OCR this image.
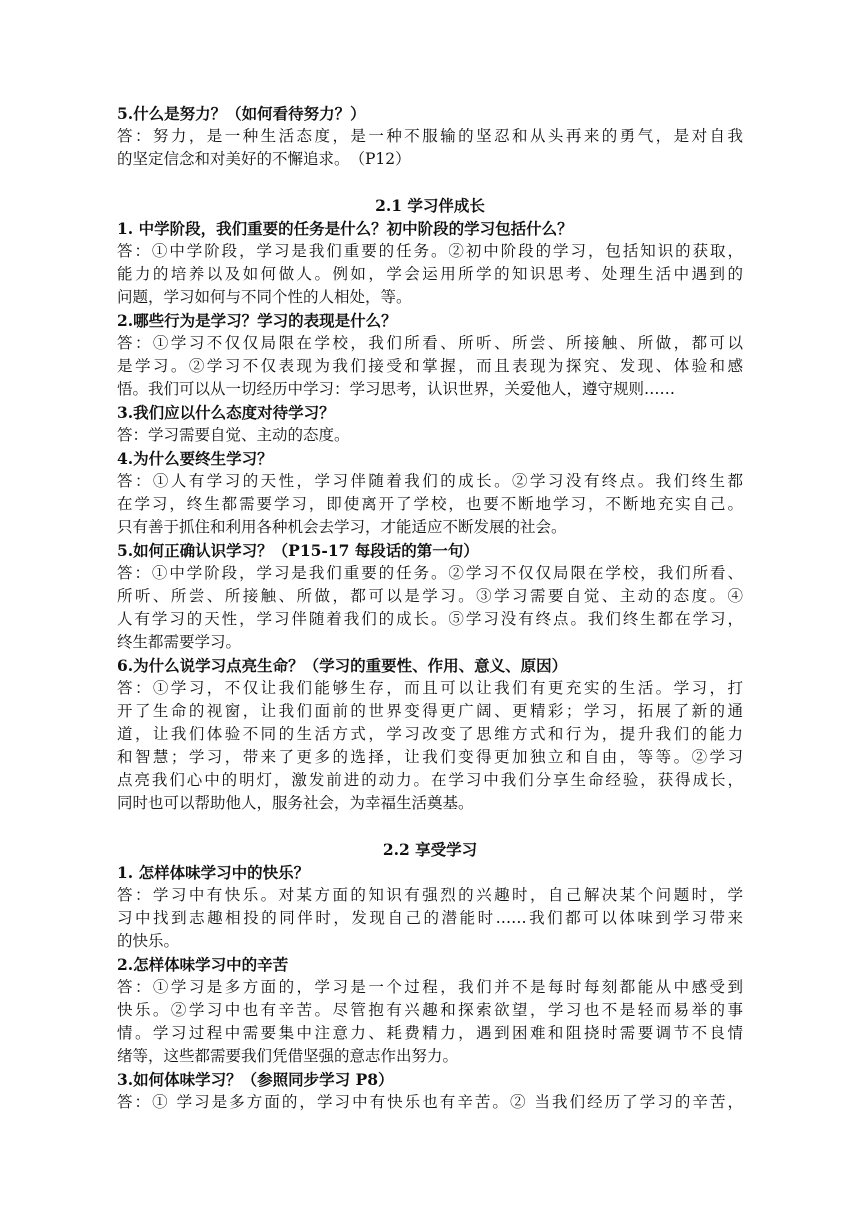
5.什么是努力？（如何看待努力？）
答：努力，是一种生活态度，是一种不服输的坚忍和从头再来的勇气，是对自我
的坚定信念和对美好的不懈追求。　（P12）
2.1 学习伴成长
1. 中学阶段，我们重要的任务是什么？初中阶段的学习包括什么？
答：①中学阶段，学习是我们重要的任务。②初中阶段的学习，包括知识的获取，
能力的培养以及如何做人。例如，学会运用所学的知识思考、处理生活中遇到的
问题，学习如何与不同个性的人相处，等。
2.哪些行为是学习？学习的表现是什么？
答：①学习不仅仅局限在学校，我们所看、所听、所尝、所接触、所做，都可以
是学习。②学习不仅表现为我们接受和掌握，而且表现为探究、发现、体验和感
悟。我们可以从一切经历中学习：学习思考，认识世界，关爱他人，遵守规则……
3.我们应以什么态度对待学习？
答：学习需要自觉、主动的态度。
4.为什么要终生学习？
答：①人有学习的天性，学习伴随着我们的成长。②学习没有终点。我们终生都
在学习，终生都需要学习，即使离开了学校，也要不断地学习，不断地充实自己。
只有善于抓住和利用各种机会去学习，才能适应不断发展的社会。
5.如何正确认识学习？（P15-17 每段话的第一句）
答：①中学阶段，学习是我们重要的任务。②学习不仅仅局限在学校，我们所看、
所听、所尝、所接触、所做，都可以是学习。③学习需要自觉、主动的态度。④
人有学习的天性，学习伴随着我们的成长。⑤学习没有终点。我们终生都在学习，
终生都需要学习。
6.为什么说学习点亮生命？（学习的重要性、作用、意义、原因）
答：①学习，不仅让我们能够生存，而且可以让我们有更充实的生活。学习，打
开了生命的视窗，让我们面前的世界变得更广阔、更精彩；学习，拓展了新的通
道，让我们体验不同的生活方式，学习改变了思维方式和行为，提升我们的能力
和智慧；学习，带来了更多的选择，让我们变得更加独立和自由，等等。②学习
点亮我们心中的明灯，激发前进的动力。在学习中我们分享生命经验，获得成长，
同时也可以帮助他人，服务社会，为幸福生活奠基。
2.2 享受学习
1. 怎样体味学习中的快乐？
答：学习中有快乐。对某方面的知识有强烈的兴趣时，自己解决某个问题时，学
习中找到志趣相投的同伴时，发现自己的潜能时……我们都可以体味到学习带来
的快乐。
2.怎样体味学习中的辛苦
答：①学习是多方面的，学习是一个过程，我们并不是每时每刻都能从中感受到
快乐。②学习中也有辛苦。尽管抱有兴趣和探索欲望，学习也不是轻而易举的事
情。学习过程中需要集中注意力、耗费精力，遇到困难和阻挠时需要调节不良情
绪等，这些都需要我们凭借坚强的意志作出努力。
3.如何体味学习？（参照同步学习 P8）
答：① 学习是多方面的，学习中有快乐也有辛苦。② 当我们经历了学习的辛苦，
